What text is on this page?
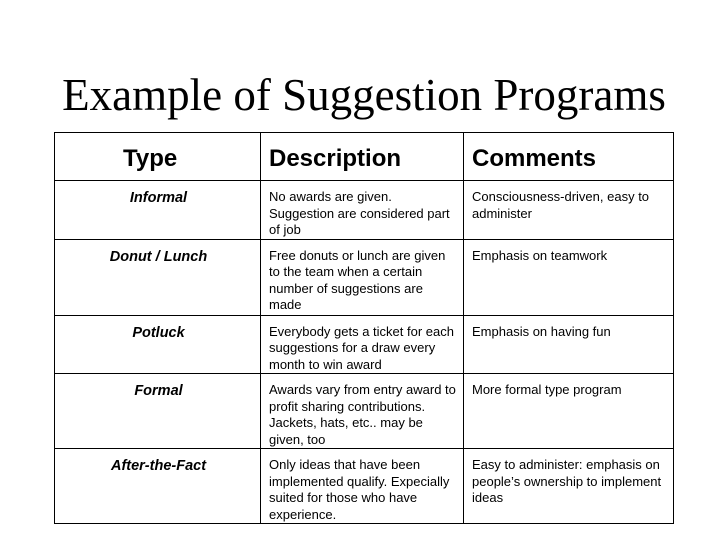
Example of Suggestion Programs
Type	Description	Comments
Informal	No awards are given. Suggestion are considered part of job	Consciousness-driven, easy to administer
Donut / Lunch	Free donuts or lunch are given to the team when a certain number of suggestions are made	Emphasis on teamwork
Potluck	Everybody gets a ticket for each suggestions for a draw every month to win award	Emphasis on having fun
Formal	Awards vary from entry award to profit sharing contributions. Jackets, hats, etc.. may be given, too	More formal type program
After-the-Fact	Only ideas that have been implemented qualify. Expecially suited for those who have experience.	Easy to administer: emphasis on people’s ownership to implement ideas
